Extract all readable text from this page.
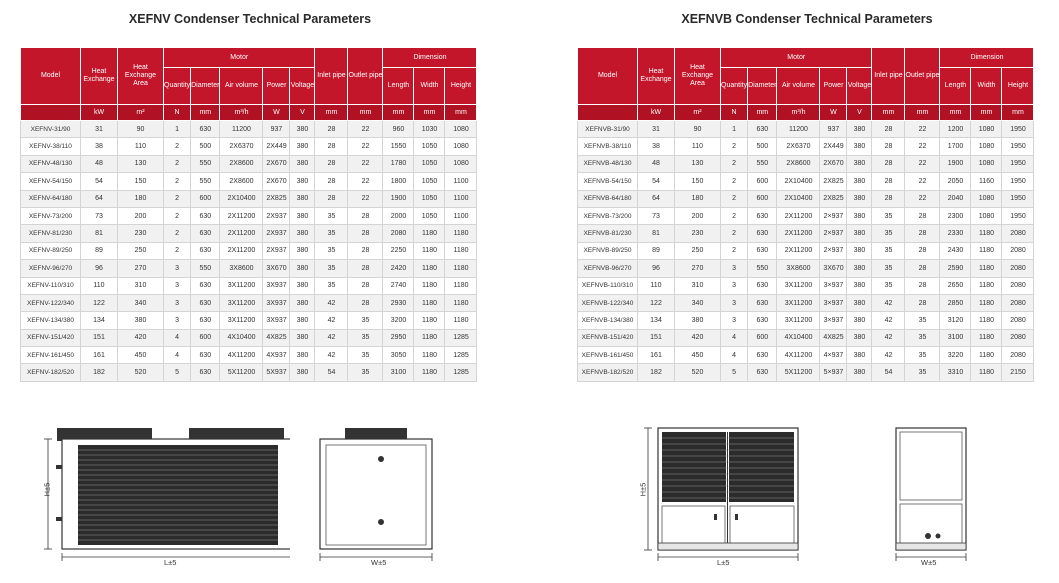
XEFNV Condenser Technical Parameters	XEFNVB Condenser Technical Parameters
Model	Heat Exchange	Heat Exchange Area	Motor					Inlet pipe	Outlet pipe	Dimension		
			Quantity	Diameter	Air volume	Power	Voltage			Length	Width	Height
	kW	m²	N	mm	m³/h	W	V	mm	mm	mm	mm	mm
XEFNV-31/90	31	90	1	630	11200	937	380	28	22	960	1030	1080
XEFNV-38/110	38	110	2	500	2X6370	2X449	380	28	22	1550	1050	1080
XEFNV-48/130	48	130	2	550	2X8600	2X670	380	28	22	1780	1050	1080
XEFNV-54/150	54	150	2	550	2X8600	2X670	380	28	22	1800	1050	1100
XEFNV-64/180	64	180	2	600	2X10400	2X825	380	28	22	1900	1050	1100
XEFNV-73/200	73	200	2	630	2X11200	2X937	380	35	28	2000	1050	1100
XEFNV-81/230	81	230	2	630	2X11200	2X937	380	35	28	2080	1180	1180
XEFNV-89/250	89	250	2	630	2X11200	2X937	380	35	28	2250	1180	1180
XEFNV-96/270	96	270	3	550	3X8600	3X670	380	35	28	2420	1180	1180
XEFNV-110/310	110	310	3	630	3X11200	3X937	380	35	28	2740	1180	1180
XEFNV-122/340	122	340	3	630	3X11200	3X937	380	42	28	2930	1180	1180
XEFNV-134/380	134	380	3	630	3X11200	3X937	380	42	35	3200	1180	1180
XEFNV-151/420	151	420	4	600	4X10400	4X825	380	42	35	2950	1180	1285
XEFNV-161/450	161	450	4	630	4X11200	4X937	380	42	35	3050	1180	1285
XEFNV-182/520	182	520	5	630	5X11200	5X937	380	54	35	3100	1180	1285
Model	Heat Exchange	Heat Exchange Area	Motor					Inlet pipe	Outlet pipe	Dimension		
			Quantity	Diameter	Air volume	Power	Voltage			Length	Width	Height
	kW	m²	N	mm	m³/h	W	V	mm	mm	mm	mm	mm
XEFNVB-31/90	31	90	1	630	11200	937	380	28	22	1200	1080	1950
XEFNVB-38/110	38	110	2	500	2X6370	2X449	380	28	22	1700	1080	1950
XEFNVB-48/130	48	130	2	550	2X8600	2X670	380	28	22	1900	1080	1950
XEFNVB-54/150	54	150	2	600	2X10400	2X825	380	28	22	2050	1160	1950
XEFNVB-64/180	64	180	2	600	2X10400	2X825	380	28	22	2040	1080	1950
XEFNVB-73/200	73	200	2	630	2X11200	2×937	380	35	28	2300	1080	1950
XEFNVB-81/230	81	230	2	630	2X11200	2×937	380	35	28	2330	1180	2080
XEFNVB-89/250	89	250	2	630	2X11200	2×937	380	35	28	2430	1180	2080
XEFNVB-96/270	96	270	3	550	3X8600	3X670	380	35	28	2590	1180	2080
XEFNVB-110/310	110	310	3	630	3X11200	3×937	380	35	28	2650	1180	2080
XEFNVB-122/340	122	340	3	630	3X11200	3×937	380	42	28	2850	1180	2080
XEFNVB-134/380	134	380	3	630	3X11200	3×937	380	42	35	3120	1180	2080
XEFNVB-151/420	151	420	4	600	4X10400	4X825	380	42	35	3100	1180	2080
XEFNVB-161/450	161	450	4	630	4X11200	4×937	380	42	35	3220	1180	2080
XEFNVB-182/520	182	520	5	630	5X11200	5×937	380	54	35	3310	1180	2150
H±5
L±5	W±5
H±5
L±5	W±5
